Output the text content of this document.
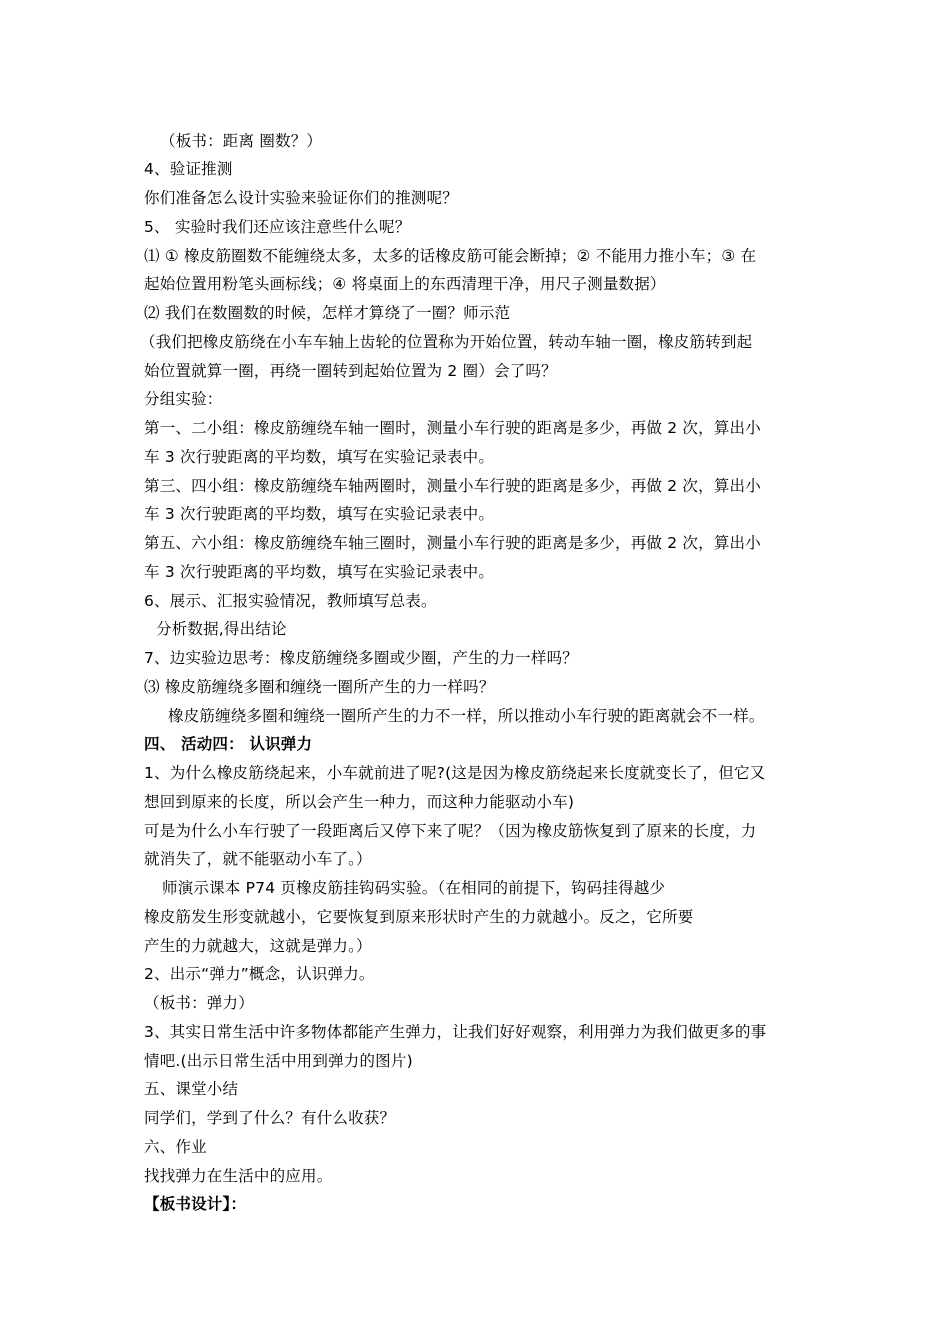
（板书：距离 圈数？）
4、验证推测
你们准备怎么设计实验来验证你们的推测呢？
5、 实验时我们还应该注意些什么呢？
⑴ ① 橡皮筋圈数不能缠绕太多，太多的话橡皮筋可能会断掉；② 不能用力推小车；③ 在
起始位置用粉笔头画标线；④ 将桌面上的东西清理干净，用尺子测量数据）
⑵ 我们在数圈数的时候，怎样才算绕了一圈？师示范
（我们把橡皮筋绕在小车车轴上齿轮的位置称为开始位置，转动车轴一圈，橡皮筋转到起
始位置就算一圈，再绕一圈转到起始位置为 2 圈）会了吗？
分组实验：
第一、二小组：橡皮筋缠绕车轴一圈时，测量小车行驶的距离是多少，再做 2 次，算出小
车 3 次行驶距离的平均数，填写在实验记录表中。
第三、四小组：橡皮筋缠绕车轴两圈时，测量小车行驶的距离是多少，再做 2 次，算出小
车 3 次行驶距离的平均数，填写在实验记录表中。
第五、六小组：橡皮筋缠绕车轴三圈时，测量小车行驶的距离是多少，再做 2 次，算出小
车 3 次行驶距离的平均数，填写在实验记录表中。
6、展示、汇报实验情况，教师填写总表。
分析数据,得出结论
7、边实验边思考：橡皮筋缠绕多圈或少圈，产生的力一样吗？
⑶ 橡皮筋缠绕多圈和缠绕一圈所产生的力一样吗？
橡皮筋缠绕多圈和缠绕一圈所产生的力不一样，所以推动小车行驶的距离就会不一样。
四、 活动四： 认识弹力
1、为什么橡皮筋绕起来，小车就前进了呢?(这是因为橡皮筋绕起来长度就变长了，但它又
想回到原来的长度，所以会产生一种力，而这种力能驱动小车)
可是为什么小车行驶了一段距离后又停下来了呢？（因为橡皮筋恢复到了原来的长度，力
就消失了，就不能驱动小车了。）
师演示课本 P74 页橡皮筋挂钩码实验。（在相同的前提下，钩码挂得越少
橡皮筋发生形变就越小，它要恢复到原来形状时产生的力就越小。反之，它所要
产生的力就越大，这就是弹力。）
2、出示“弹力”概念，认识弹力。
（板书：弹力）
3、其实日常生活中许多物体都能产生弹力，让我们好好观察，利用弹力为我们做更多的事
情吧.(出示日常生活中用到弹力的图片)
五、课堂小结
同学们，学到了什么？有什么收获？
六、作业
找找弹力在生活中的应用。
【板书设计】：
